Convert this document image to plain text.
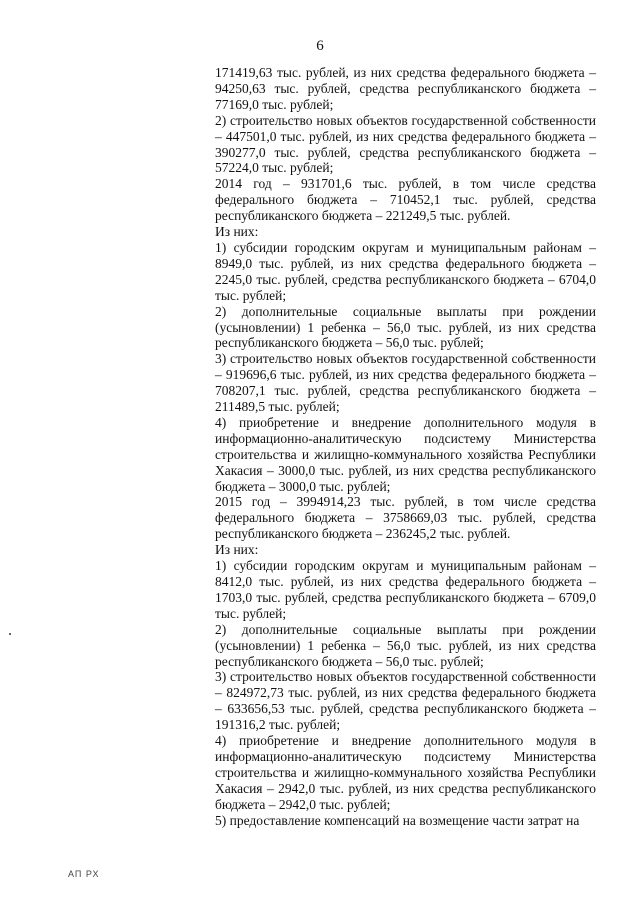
6

171419,63 тыс. рублей, из них средства федерального бюджета – 94250,63 тыс. рублей, средства республиканского бюджета – 77169,0 тыс. рублей;

2) строительство новых объектов государственной собственности – 447501,0 тыс. рублей, из них средства федерального бюджета – 390277,0 тыс. рублей, средства республиканского бюджета – 57224,0 тыс. рублей;

2014 год – 931701,6 тыс. рублей, в том числе средства федерального бюджета – 710452,1 тыс. рублей, средства республиканского бюджета – 221249,5 тыс. рублей.

Из них:

1) субсидии городским округам и муниципальным районам – 8949,0 тыс. рублей, из них средства федерального бюджета – 2245,0 тыс. рублей, средства республиканского бюджета – 6704,0 тыс. рублей;

2) дополнительные социальные выплаты при рождении (усыновлении) 1 ребенка – 56,0 тыс. рублей, из них средства республиканского бюджета – 56,0 тыс. рублей;

3) строительство новых объектов государственной собственности – 919696,6 тыс. рублей, из них средства федерального бюджета – 708207,1 тыс. рублей, средства республиканского бюджета – 211489,5 тыс. рублей;

4) приобретение и внедрение дополнительного модуля в информационно-аналитическую подсистему Министерства строительства и жилищно-коммунального хозяйства Республики Хакасия – 3000,0 тыс. рублей, из них средства республиканского бюджета – 3000,0 тыс. рублей;

2015 год – 3994914,23 тыс. рублей, в том числе средства федерального бюджета – 3758669,03 тыс. рублей, средства республиканского бюджета – 236245,2 тыс. рублей.

Из них:

1) субсидии городским округам и муниципальным районам – 8412,0 тыс. рублей, из них средства федерального бюджета – 1703,0 тыс. рублей, средства республиканского бюджета – 6709,0 тыс. рублей;

2) дополнительные социальные выплаты при рождении (усыновлении) 1 ребенка – 56,0 тыс. рублей, из них средства республиканского бюджета – 56,0 тыс. рублей;

3) строительство новых объектов государственной собственности – 824972,73 тыс. рублей, из них средства федерального бюджета – 633656,53 тыс. рублей, средства республиканского бюджета – 191316,2 тыс. рублей;

4) приобретение и внедрение дополнительного модуля в информационно-аналитическую подсистему Министерства строительства и жилищно-коммунального хозяйства Республики Хакасия – 2942,0 тыс. рублей, из них средства республиканского бюджета – 2942,0 тыс. рублей;

5) предоставление компенсаций на возмещение части затрат на

АП РХ
